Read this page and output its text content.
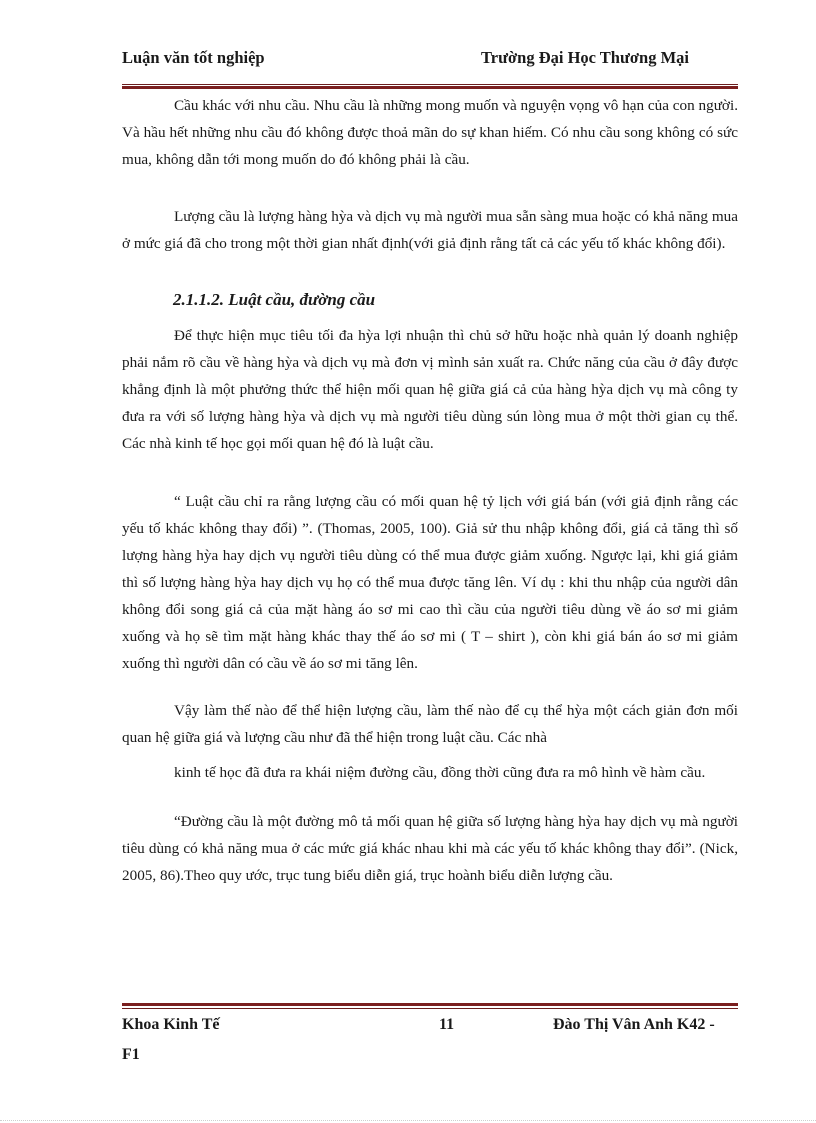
Luận văn tốt nghiệp	Trường Đại Học Thương Mại

Cầu khác với nhu cầu. Nhu cầu là những mong muốn và nguyện vọng vô hạn của con người. Và hầu hết những nhu cầu đó không được thoả mãn do sự khan hiếm. Có nhu cầu song không có sức mua, không dẫn tới mong muốn do đó không phải là cầu.

Lượng cầu là lượng hàng hỳa và dịch vụ mà người mua sẵn sàng mua hoặc có khả năng mua ở mức giá đã cho trong một thời gian nhất định(với giả định rằng tất cả các yếu tố khác không đổi).

2.1.1.2. Luật cầu, đường cầu

Để thực hiện mục tiêu tối đa hỳa lợi nhuận thì chủ sở hữu hoặc nhà quản lý doanh nghiệp phải nắm rõ cầu về hàng hỳa và dịch vụ mà đơn vị mình sản xuất ra. Chức năng của cầu ở đây được khẳng định là một phưởng thức thể hiện mối quan hệ giữa giá cả của hàng hỳa dịch vụ mà công ty đưa ra với số lượng hàng hỳa và dịch vụ mà người tiêu dùng sún lòng mua ở một thời gian cụ thể. Các nhà kinh tế học gọi mối quan hệ đó là luật cầu.

“ Luật cầu chỉ ra rằng lượng cầu có mối quan hệ tỷ lịch với giá bán (với giả định rằng các yếu tố khác không thay đổi) ”. (Thomas, 2005, 100). Giả sử thu nhập không đổi, giá cả tăng thì số lượng hàng hỳa hay dịch vụ người tiêu dùng có thể mua được giảm xuống. Ngược lại, khi giá giảm thì số lượng hàng hỳa hay dịch vụ họ có thể mua được tăng lên. Ví dụ : khi thu nhập của người dân không đổi song giá cả của mặt hàng áo sơ mi cao thì cầu của người tiêu dùng về áo sơ mi giảm xuống và họ sẽ tìm mặt hàng khác thay thế áo sơ mi ( T – shirt ), còn khi giá bán áo sơ mi giảm xuống thì người dân có cầu về áo sơ mi tăng lên.

Vậy làm thế nào để thể hiện lượng cầu, làm thế nào để cụ thể hỳa một cách giản đơn mối quan hệ giữa giá và lượng cầu như đã thể hiện trong luật cầu. Các nhà

kinh tế học đã đưa ra khái niệm đường cầu, đồng thời cũng đưa ra mô hình về hàm cầu.

“Đường cầu là một đường mô tả mối quan hệ giữa số lượng hàng hỳa hay dịch vụ mà người tiêu dùng có khả năng mua ở các mức giá khác nhau khi mà các yếu tố khác không thay đổi”. (Nick, 2005, 86).Theo quy ước, trục tung biểu diễn giá, trục hoành biểu diễn lượng cầu.

Khoa Kinh Tế	11	Đào Thị Vân Anh K42 -
F1
